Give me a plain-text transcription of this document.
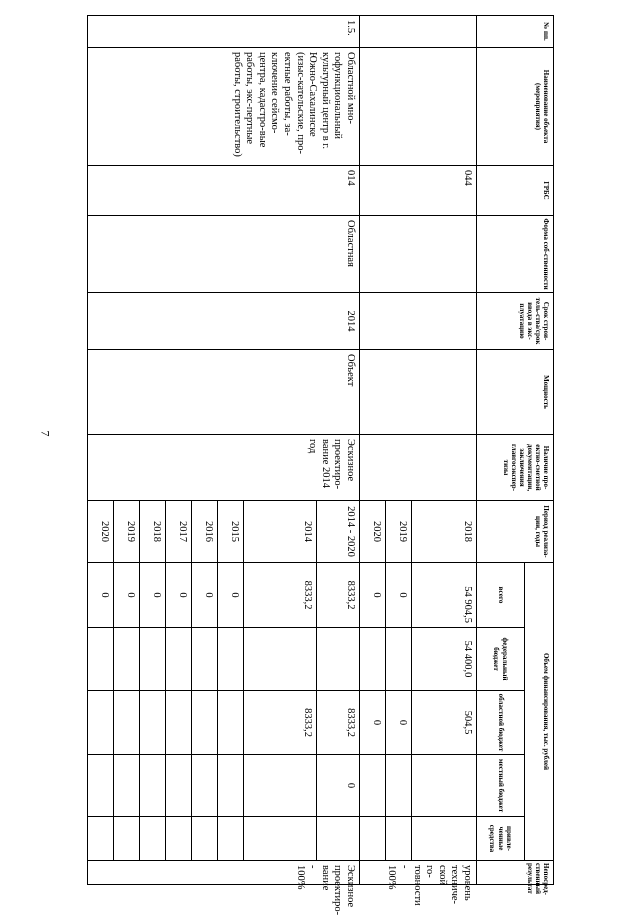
7
№ пп.	Наименование объекта (мероприятия)	ГРБС	Форма соб-ственности	Срок строи-тель-ства/срок ввода в экс-плуатацию	Мощность	Наличие про-ектно-сметной документации, заключения главгосэкспер-тизы	Период реализа-ции, годы	Объем финансирования, тыс. рублей					Непосред-ственный результат
								всего	федеральный бюджет	областной бюджет	местный бюджет	привле-ченные средства	
		044					2018	54 904,5	54 400,0	504,5			уровень техниче-ской го-товности - 100%
							2019	0		0			
							2020	0		0			
1.5.	Областной мно-гофункциональный культурный центр в г. Южно-Сахалинске (изыс-кательские, про-ектные работы, за-ключение сейсмо-центра, кадастро-вые работы, экс-пертные работы, строительство)	014	Областная	2014	Объект	Эскизное проектиро-вание 2014 год	2014 - 2020	8333,2		8333,2	0		Эскизное проектиро-вание - 100%
							2014	8333,2		8333,2			
							2015	0					
							2016	0					
							2017	0					
							2018	0					
							2019	0					
							2020	0					
